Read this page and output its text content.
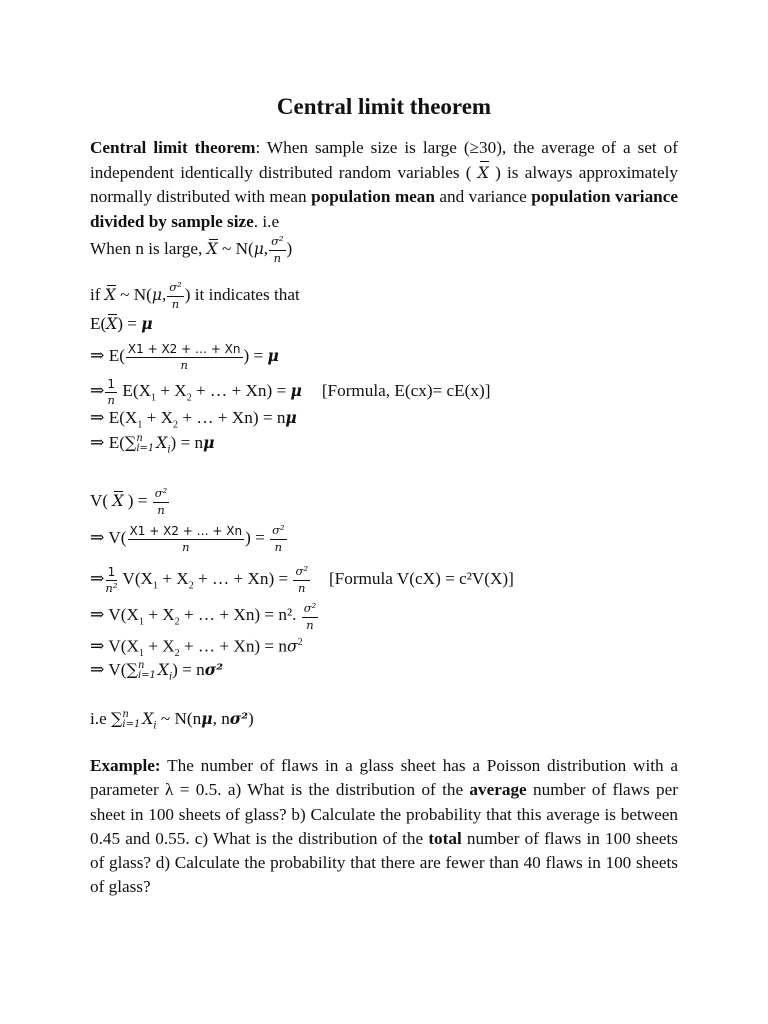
Central limit theorem

Central limit theorem: When sample size is large (≥30), the average of a set of independent identically distributed random variables ( X ) is always approximately normally distributed with mean population mean and variance population variance divided by sample size. i.e

When n is large, X ~ N(μ, $\frac{\text{σ²}}{n}$ )
if X ~ N(μ, $\frac{\text{σ²}}{n}$ ) it indicates that
E(X) = μ
⇒ $E( \frac{X1 + X2 + \dots + Xn}{n}$ ) = μ
⇒ $\frac{1}{n} E(X_1 + X_2$ + … + Xn) = μ [Formula, E(cx)= cE(x)]
⇒ $E(X_1 + X_2$ + … + Xn) = nμ
⇒ E(∑ n
i=1 $X_i) = n\mu$
V( X ) = $\frac{\text{σ²}}{n}$
⇒ $V( \frac{X1 + X2 + \dots + Xn}{n}$ ) = $\frac{\text{σ²}}{n}$
⇒ $\frac{1}{\text{n²}} V(X_1 + X_2$ + … + $Xn) = \frac{\text{σ²}}{n}$ [Formula V(cX) = c²V(X)]
⇒ $V(X_1 + X_2$ + … + Xn) = n². $\frac{\text{σ²}}{n}$
⇒ $V(X_1 + X_2$ + … + $Xn) = n\sigma^2$
⇒ V(∑ n
i=1 $X_i) = n\sigma^2$
i.e ∑ n
i=1 $X_i$ ~ N(nμ, nσ²)

Example: The number of flaws in a glass sheet has a Poisson distribution with a parameter λ = 0.5. a) What is the distribution of the average number of flaws per sheet in 100 sheets of glass? b) Calculate the probability that this average is between 0.45 and 0.55. c) What is the distribution of the total number of flaws in 100 sheets of glass? d) Calculate the probability that there are fewer than 40 flaws in 100 sheets of glass?
